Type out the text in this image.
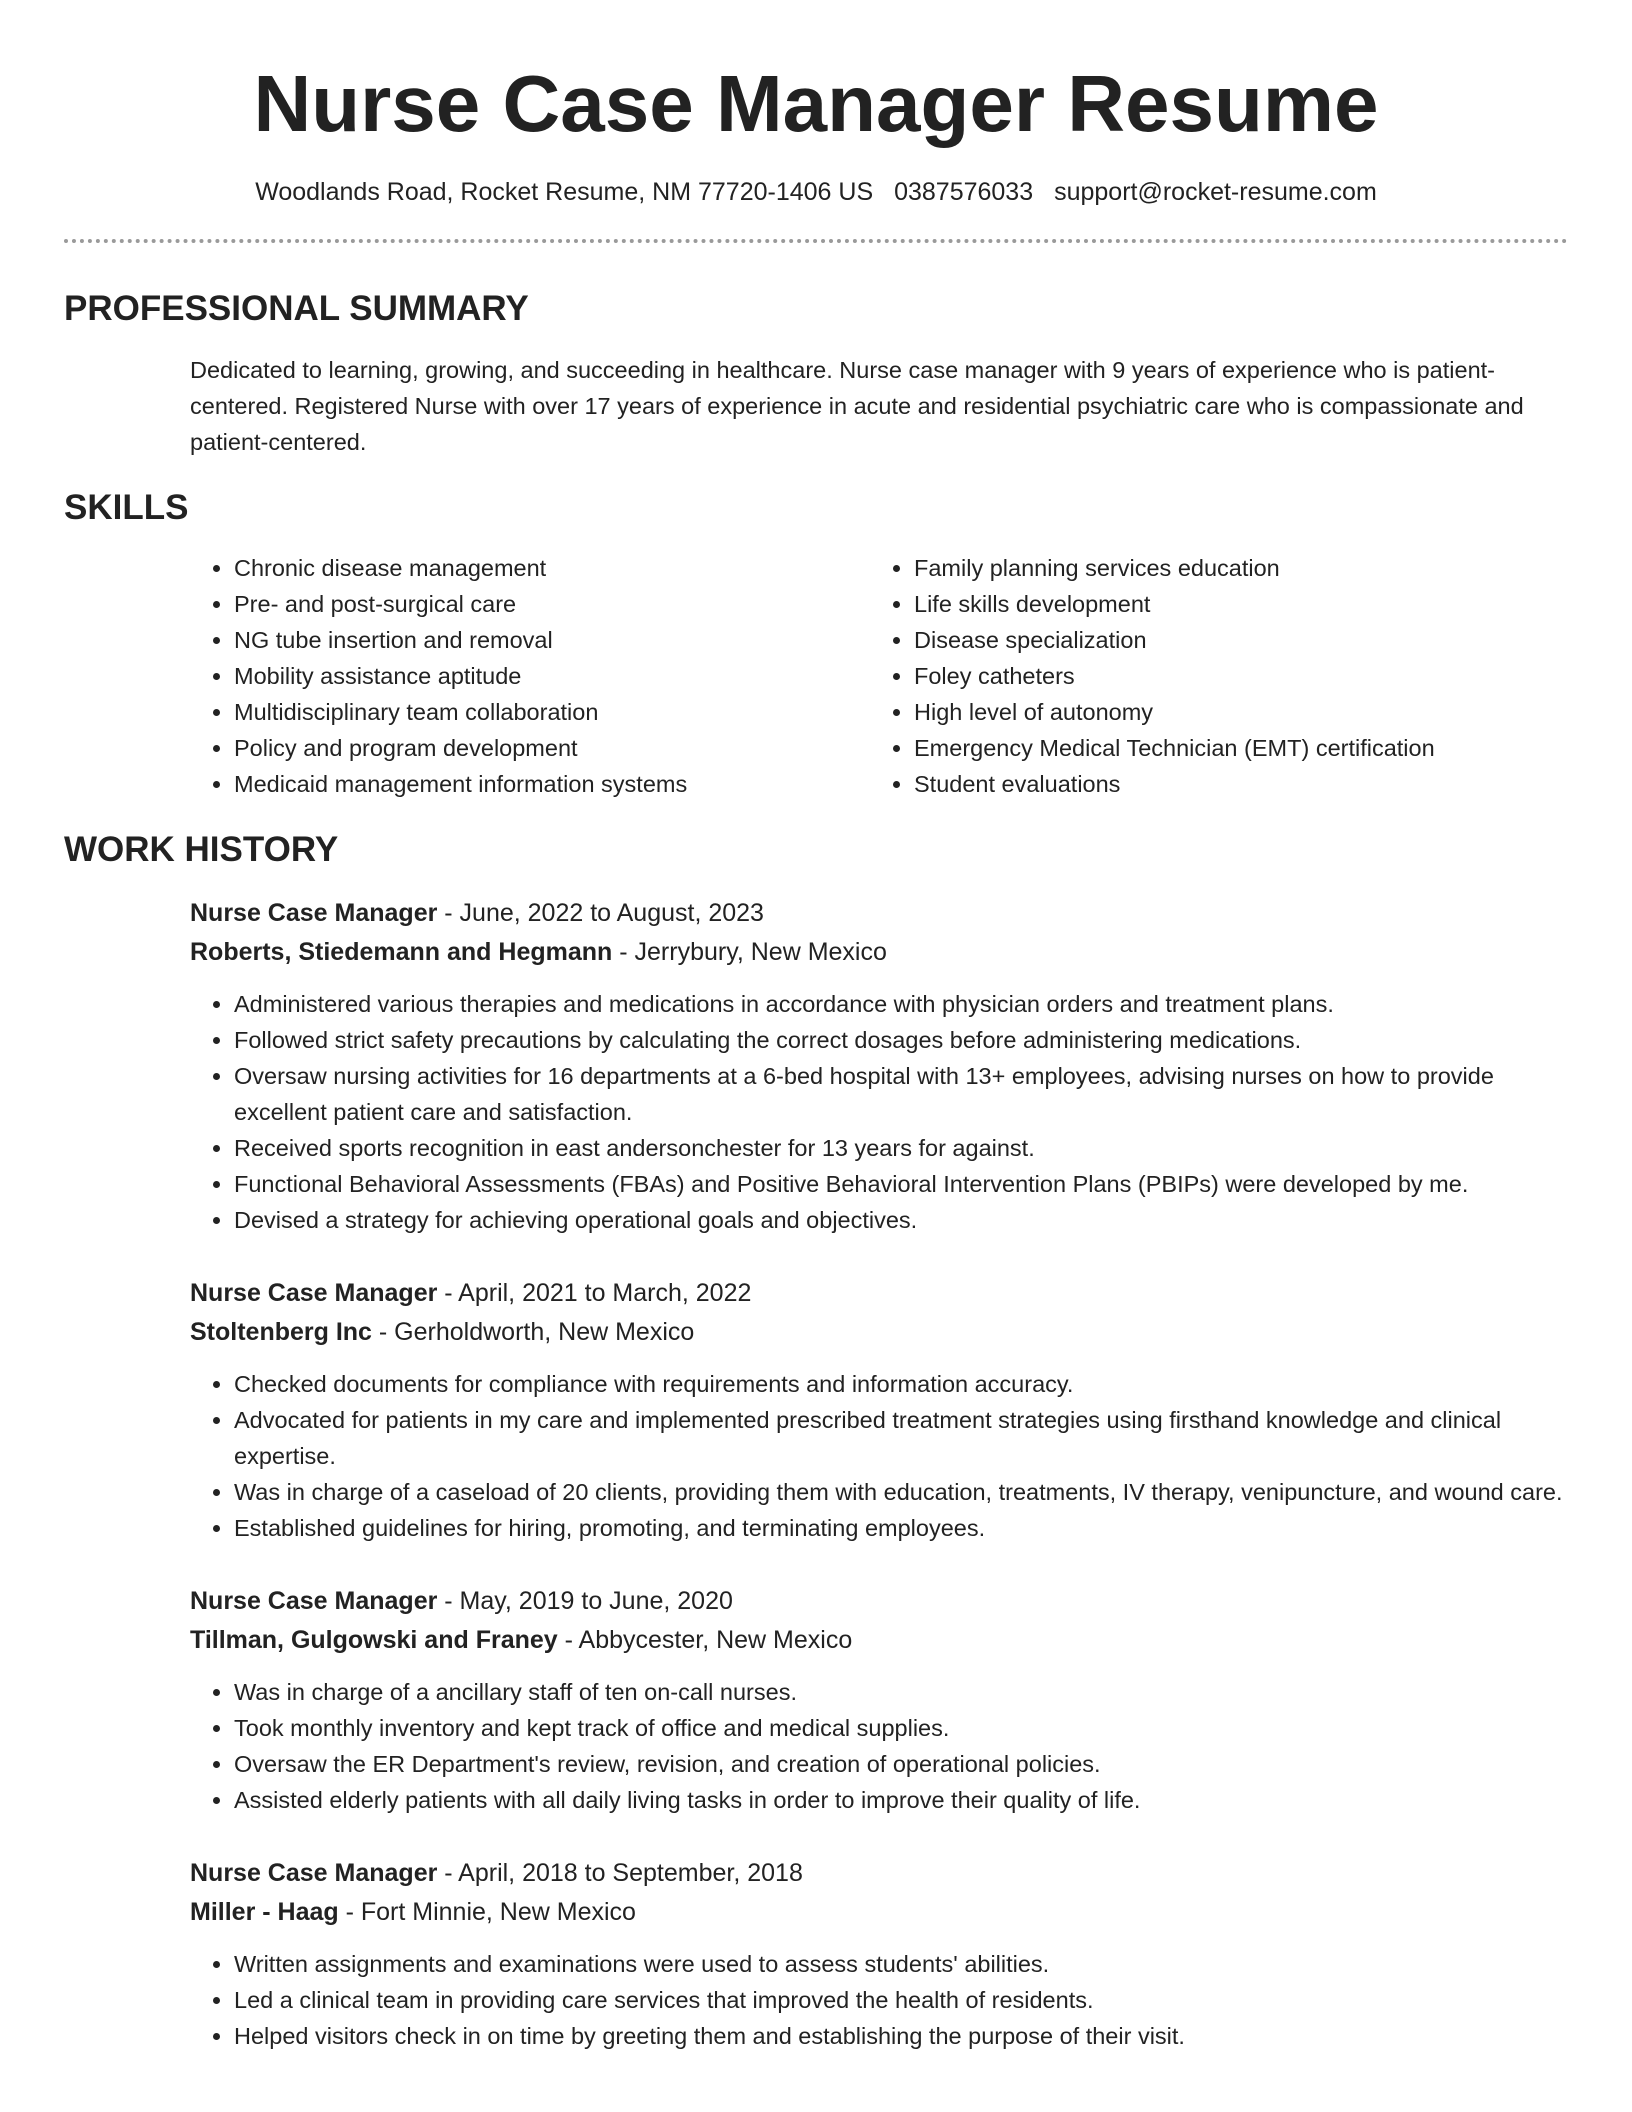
Nurse Case Manager Resume
Woodlands Road, Rocket Resume, NM 77720-1406 US 0387576033 support@rocket-resume.com
PROFESSIONAL SUMMARY
Dedicated to learning, growing, and succeeding in healthcare. Nurse case manager with 9 years of experience who is patient-centered. Registered Nurse with over 17 years of experience in acute and residential psychiatric care who is compassionate and patient-centered.
SKILLS
• Chronic disease management
• Pre- and post-surgical care
• NG tube insertion and removal
• Mobility assistance aptitude
• Multidisciplinary team collaboration
• Policy and program development
• Medicaid management information systems
• Family planning services education
• Life skills development
• Disease specialization
• Foley catheters
• High level of autonomy
• Emergency Medical Technician (EMT) certification
• Student evaluations
WORK HISTORY
Nurse Case Manager - June, 2022 to August, 2023
Roberts, Stiedemann and Hegmann - Jerrybury, New Mexico
• Administered various therapies and medications in accordance with physician orders and treatment plans.
• Followed strict safety precautions by calculating the correct dosages before administering medications.
• Oversaw nursing activities for 16 departments at a 6-bed hospital with 13+ employees, advising nurses on how to provide excellent patient care and satisfaction.
• Received sports recognition in east andersonchester for 13 years for against.
• Functional Behavioral Assessments (FBAs) and Positive Behavioral Intervention Plans (PBIPs) were developed by me.
• Devised a strategy for achieving operational goals and objectives.
Nurse Case Manager - April, 2021 to March, 2022
Stoltenberg Inc - Gerholdworth, New Mexico
• Checked documents for compliance with requirements and information accuracy.
• Advocated for patients in my care and implemented prescribed treatment strategies using firsthand knowledge and clinical expertise.
• Was in charge of a caseload of 20 clients, providing them with education, treatments, IV therapy, venipuncture, and wound care.
• Established guidelines for hiring, promoting, and terminating employees.
Nurse Case Manager - May, 2019 to June, 2020
Tillman, Gulgowski and Franey - Abbycester, New Mexico
• Was in charge of a ancillary staff of ten on-call nurses.
• Took monthly inventory and kept track of office and medical supplies.
• Oversaw the ER Department's review, revision, and creation of operational policies.
• Assisted elderly patients with all daily living tasks in order to improve their quality of life.
Nurse Case Manager - April, 2018 to September, 2018
Miller - Haag - Fort Minnie, New Mexico
• Written assignments and examinations were used to assess students' abilities.
• Led a clinical team in providing care services that improved the health of residents.
• Helped visitors check in on time by greeting them and establishing the purpose of their visit.
